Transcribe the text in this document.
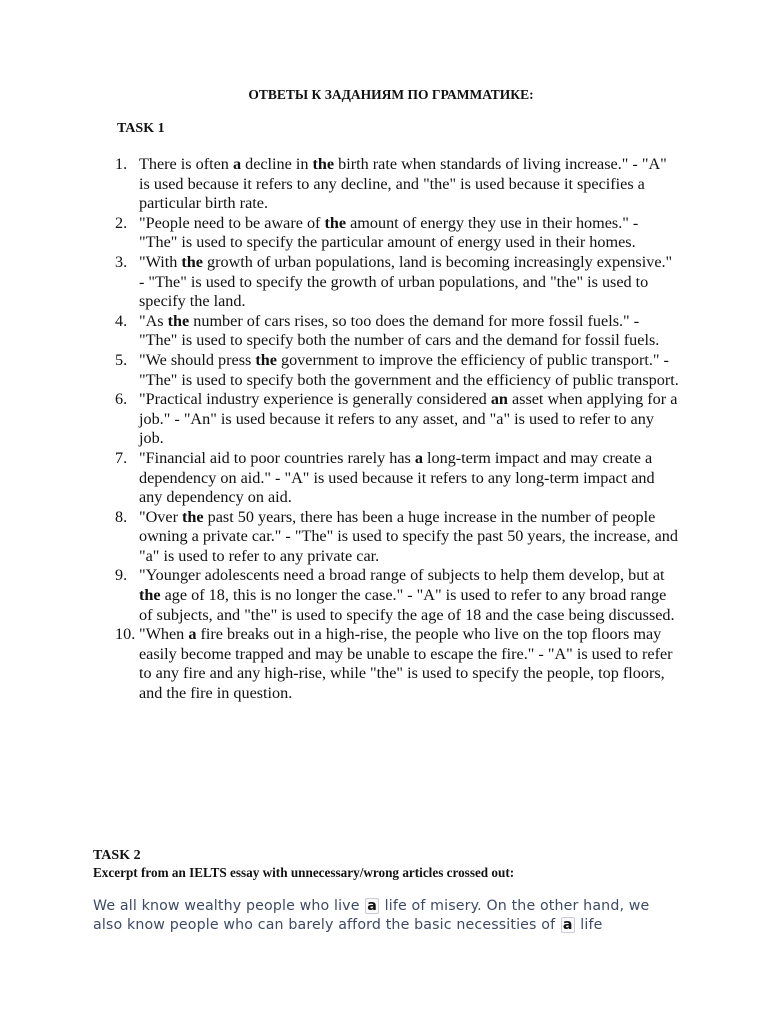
ОТВЕТЫ К ЗАДАНИЯМ ПО ГРАММАТИКЕ:
TASK 1
1. There is often a decline in the birth rate when standards of living increase." - "A" is used because it refers to any decline, and "the" is used because it specifies a particular birth rate.
2. "People need to be aware of the amount of energy they use in their homes." - "The" is used to specify the particular amount of energy used in their homes.
3. "With the growth of urban populations, land is becoming increasingly expensive." - "The" is used to specify the growth of urban populations, and "the" is used to specify the land.
4. "As the number of cars rises, so too does the demand for more fossil fuels." - "The" is used to specify both the number of cars and the demand for fossil fuels.
5. "We should press the government to improve the efficiency of public transport." - "The" is used to specify both the government and the efficiency of public transport.
6. "Practical industry experience is generally considered an asset when applying for a job." - "An" is used because it refers to any asset, and "a" is used to refer to any job.
7. "Financial aid to poor countries rarely has a long-term impact and may create a dependency on aid." - "A" is used because it refers to any long-term impact and any dependency on aid.
8. "Over the past 50 years, there has been a huge increase in the number of people owning a private car." - "The" is used to specify the past 50 years, the increase, and "a" is used to refer to any private car.
9. "Younger adolescents need a broad range of subjects to help them develop, but at the age of 18, this is no longer the case." - "A" is used to refer to any broad range of subjects, and "the" is used to specify the age of 18 and the case being discussed.
10. "When a fire breaks out in a high-rise, the people who live on the top floors may easily become trapped and may be unable to escape the fire." - "A" is used to refer to any fire and any high-rise, while "the" is used to specify the people, top floors, and the fire in question.
TASK 2
Excerpt from an IELTS essay with unnecessary/wrong articles crossed out:
We all know wealthy people who live a life of misery. On the other hand, we also know people who can barely afford the basic necessities of a life
